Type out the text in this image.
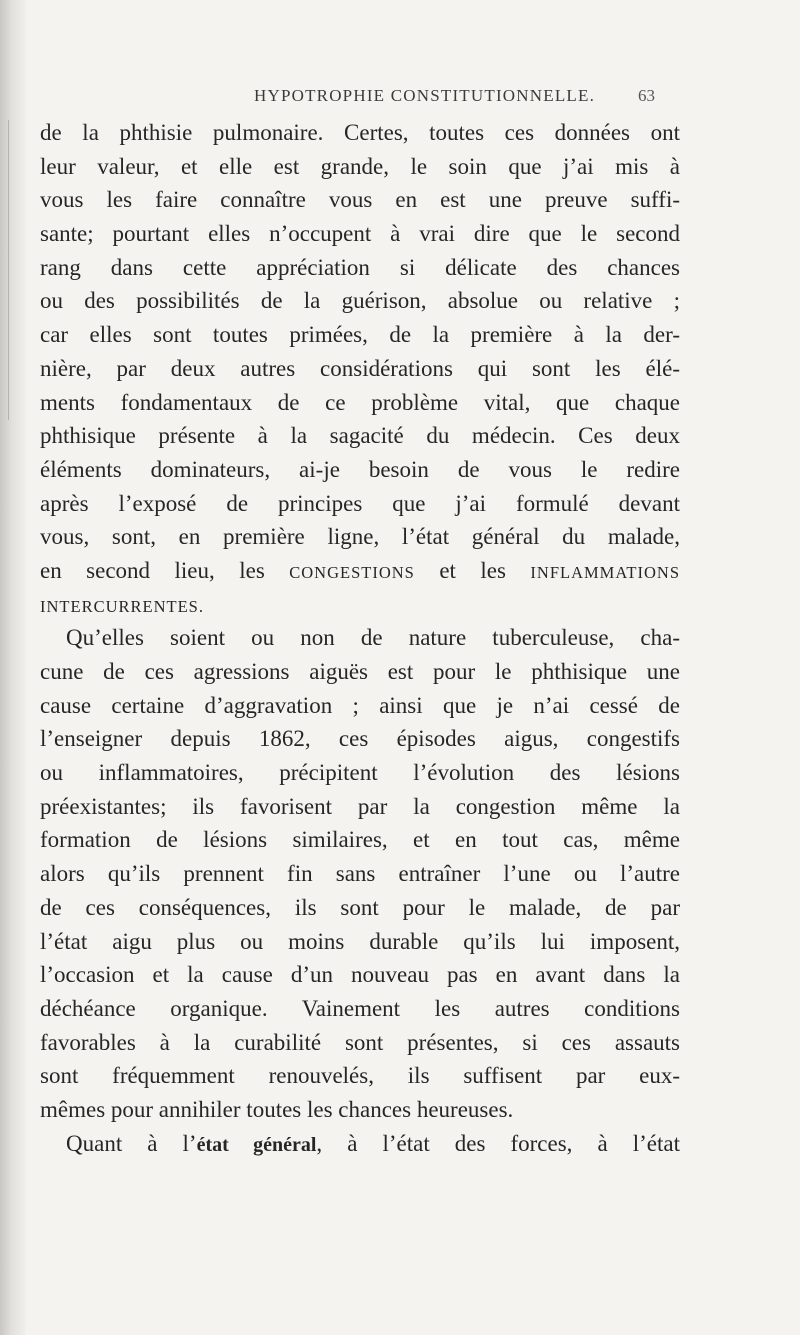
HYPOTROPHIE CONSTITUTIONNELLE.	63
de la phthisie pulmonaire. Certes, toutes ces données ont
leur valeur, et elle est grande, le soin que j’ai mis à
vous les faire connaître vous en est une preuve suffi-
sante; pourtant elles n’occupent à vrai dire que le second
rang dans cette appréciation si délicate des chances
ou des possibilités de la guérison, absolue ou relative ;
car elles sont toutes primées, de la première à la der-
nière, par deux autres considérations qui sont les élé-
ments fondamentaux de ce problème vital, que chaque
phthisique présente à la sagacité du médecin. Ces deux
éléments dominateurs, ai-je besoin de vous le redire
après l’exposé de principes que j’ai formulé devant
vous, sont, en première ligne, l’état général du malade,
en second lieu, les CONGESTIONS et les INFLAMMATIONS
INTERCURRENTES.
Qu’elles soient ou non de nature tuberculeuse, cha-
cune de ces agressions aiguës est pour le phthisique une
cause certaine d’aggravation ; ainsi que je n’ai cessé de
l’enseigner depuis 1862, ces épisodes aigus, congestifs
ou inflammatoires, précipitent l’évolution des lésions
préexistantes; ils favorisent par la congestion même la
formation de lésions similaires, et en tout cas, même
alors qu’ils prennent fin sans entraîner l’une ou l’autre
de ces conséquences, ils sont pour le malade, de par
l’état aigu plus ou moins durable qu’ils lui imposent,
l’occasion et la cause d’un nouveau pas en avant dans la
déchéance organique. Vainement les autres conditions
favorables à la curabilité sont présentes, si ces assauts
sont fréquemment renouvelés, ils suffisent par eux-
mêmes pour annihiler toutes les chances heureuses.
Quant à l’état général, à l’état des forces, à l’état
